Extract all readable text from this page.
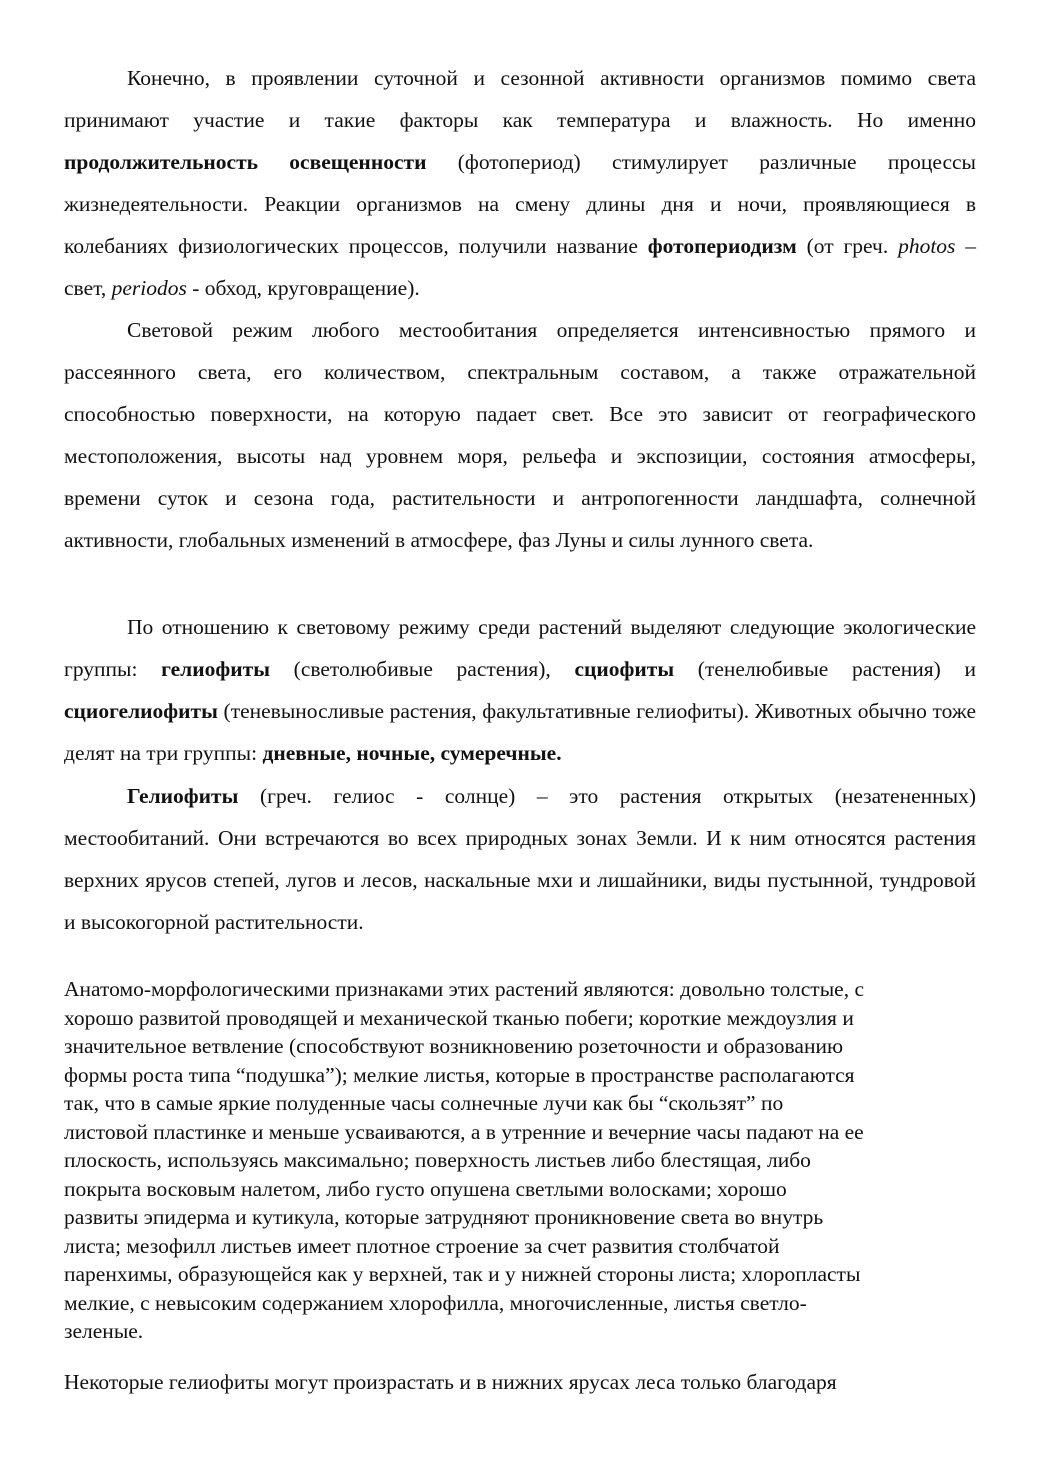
Конечно, в проявлении суточной и сезонной активности организмов помимо света принимают участие и такие факторы как температура и влажность. Но именно продолжительность освещенности (фотопериод) стимулирует различные процессы жизнедеятельности. Реакции организмов на смену длины дня и ночи, проявляющиеся в колебаниях физиологических процессов, получили название фотопериодизм (от греч. photos – свет, periodos - обход, круговращение).

Световой режим любого местообитания определяется интенсивностью прямого и рассеянного света, его количеством, спектральным составом, а также отражательной способностью поверхности, на которую падает свет. Все это зависит от географического местоположения, высоты над уровнем моря, рельефа и экспозиции, состояния атмосферы, времени суток и сезона года, растительности и антропогенности ландшафта, солнечной активности, глобальных изменений в атмосфере, фаз Луны и силы лунного света.

По отношению к световому режиму среди растений выделяют следующие экологические группы: гелиофиты (светолюбивые растения), сциофиты (тенелюбивые растения) и сциогелиофиты (теневыносливые растения, факультативные гелиофиты). Животных обычно тоже делят на три группы: дневные, ночные, сумеречные.

Гелиофиты (греч. гелиос - солнце) – это растения открытых (незатененных) местообитаний. Они встречаются во всех природных зонах Земли. И к ним относятся растения верхних ярусов степей, лугов и лесов, наскальные мхи и лишайники, виды пустынной, тундровой и высокогорной растительности.

Анатомо-морфологическими признаками этих растений являются: довольно толстые, с
хорошо развитой проводящей и механической тканью побеги; короткие междоузлия и
значительное ветвление (способствуют возникновению розеточности и образованию
формы роста типа “подушка”); мелкие листья, которые в пространстве располагаются
так, что в самые яркие полуденные часы солнечные лучи как бы “скользят” по
листовой пластинке и меньше усваиваются, а в утренние и вечерние часы падают на ее
плоскость, используясь максимально; поверхность листьев либо блестящая, либо
покрыта восковым налетом, либо густо опушена светлыми волосками; хорошо
развиты эпидерма и кутикула, которые затрудняют проникновение света во внутрь
листа; мезофилл листьев имеет плотное строение за счет развития столбчатой
паренхимы, образующейся как у верхней, так и у нижней стороны листа; хлоропласты
мелкие, с невысоким содержанием хлорофилла, многочисленные, листья светло-
зеленые.
Некоторые гелиофиты могут произрастать и в нижних ярусах леса только благодаря
